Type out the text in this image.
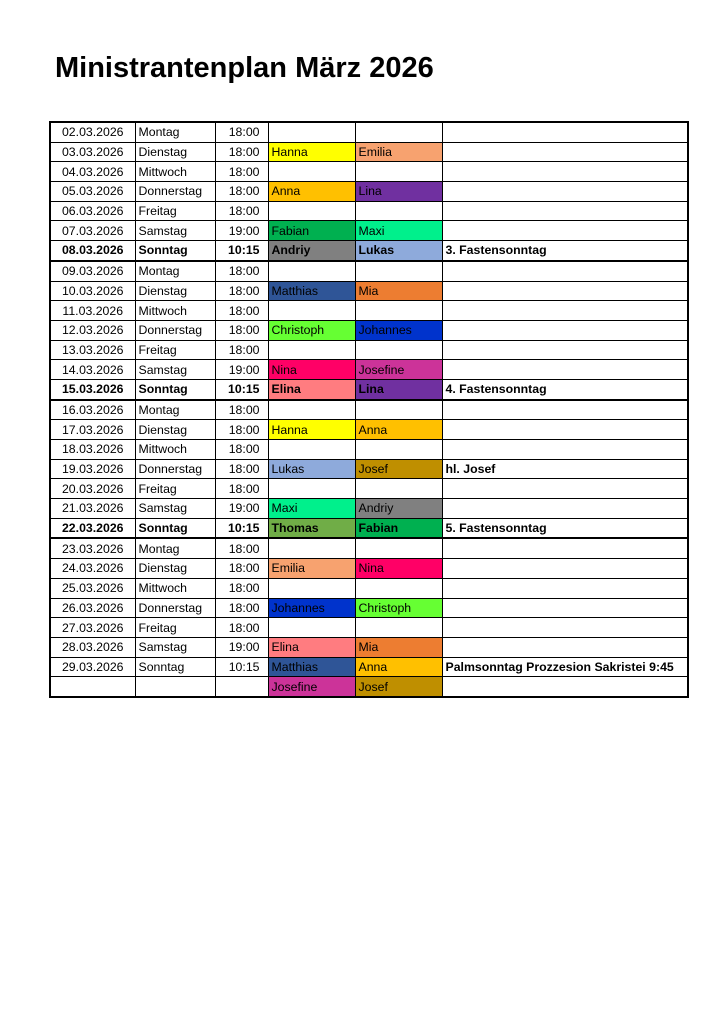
Ministrantenplan März 2026
02.03.2026	Montag	18:00			
03.03.2026	Dienstag	18:00	Hanna	Emilia	
04.03.2026	Mittwoch	18:00			
05.03.2026	Donnerstag	18:00	Anna	Lina	
06.03.2026	Freitag	18:00			
07.03.2026	Samstag	19:00	Fabian	Maxi	
08.03.2026	Sonntag	10:15	Andriy	Lukas	3. Fastensonntag
09.03.2026	Montag	18:00			
10.03.2026	Dienstag	18:00	Matthias	Mia	
11.03.2026	Mittwoch	18:00			
12.03.2026	Donnerstag	18:00	Christoph	Johannes	
13.03.2026	Freitag	18:00			
14.03.2026	Samstag	19:00	Nina	Josefine	
15.03.2026	Sonntag	10:15	Elina	Lina	4. Fastensonntag
16.03.2026	Montag	18:00			
17.03.2026	Dienstag	18:00	Hanna	Anna	
18.03.2026	Mittwoch	18:00			
19.03.2026	Donnerstag	18:00	Lukas	Josef	hl. Josef
20.03.2026	Freitag	18:00			
21.03.2026	Samstag	19:00	Maxi	Andriy	
22.03.2026	Sonntag	10:15	Thomas	Fabian	5. Fastensonntag
23.03.2026	Montag	18:00			
24.03.2026	Dienstag	18:00	Emilia	Nina	
25.03.2026	Mittwoch	18:00			
26.03.2026	Donnerstag	18:00	Johannes	Christoph	
27.03.2026	Freitag	18:00			
28.03.2026	Samstag	19:00	Elina	Mia	
29.03.2026	Sonntag	10:15	Matthias	Anna	Palmsonntag Prozzesion Sakristei 9:45
			Josefine	Josef	
